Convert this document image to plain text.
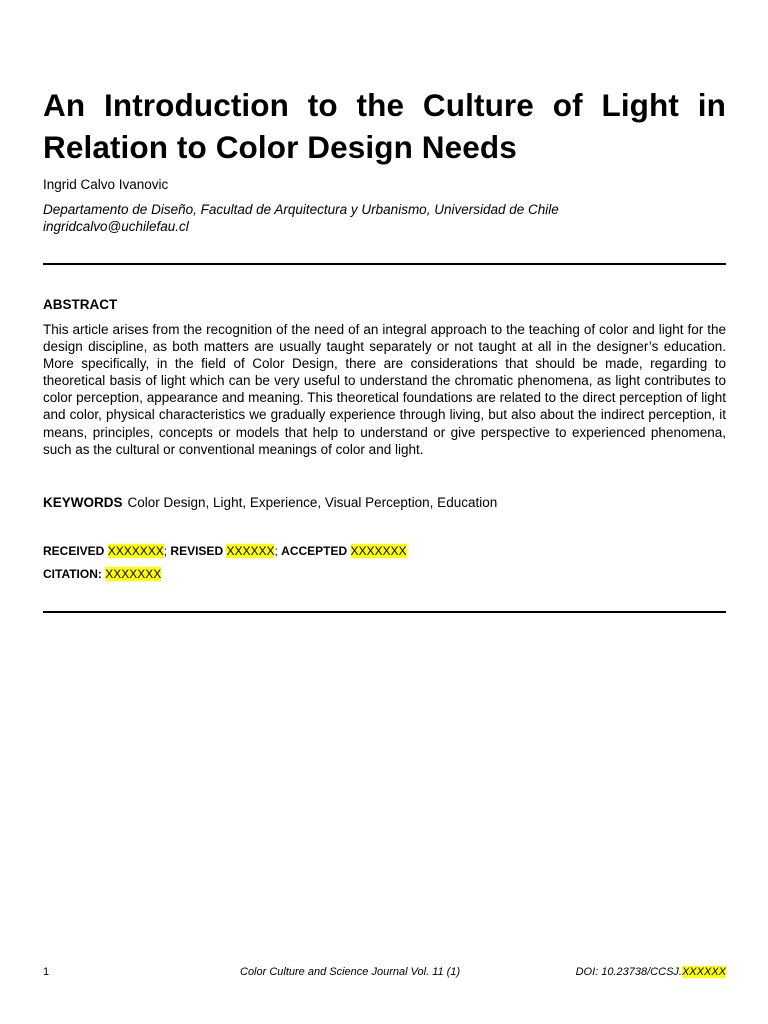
An Introduction to the Culture of Light in Relation to Color Design Needs

Ingrid Calvo Ivanovic

Departamento de Diseño, Facultad de Arquitectura y Urbanismo, Universidad de Chile
ingridcalvo@uchilefau.cl

ABSTRACT

This article arises from the recognition of the need of an integral approach to the teaching of color and light for the design discipline, as both matters are usually taught separately or not taught at all in the designer’s education. More specifically, in the field of Color Design, there are considerations that should be made, regarding to theoretical basis of light which can be very useful to understand the chromatic phenomena, as light contributes to color perception, appearance and meaning. This theoretical foundations are related to the direct perception of light and color, physical characteristics we gradually experience through living, but also about the indirect perception, it means, principles, concepts or models that help to understand or give perspective to experienced phenomena, such as the cultural or conventional meanings of color and light.

KEYWORDS Color Design, Light, Experience, Visual Perception, Education

RECEIVED XXXXXXX; REVISED XXXXXX; ACCEPTED XXXXXXX

CITATION: XXXXXXX

1	Color Culture and Science Journal Vol. 11 (1)	DOI: 10.23738/CCSJ.XXXXXX
